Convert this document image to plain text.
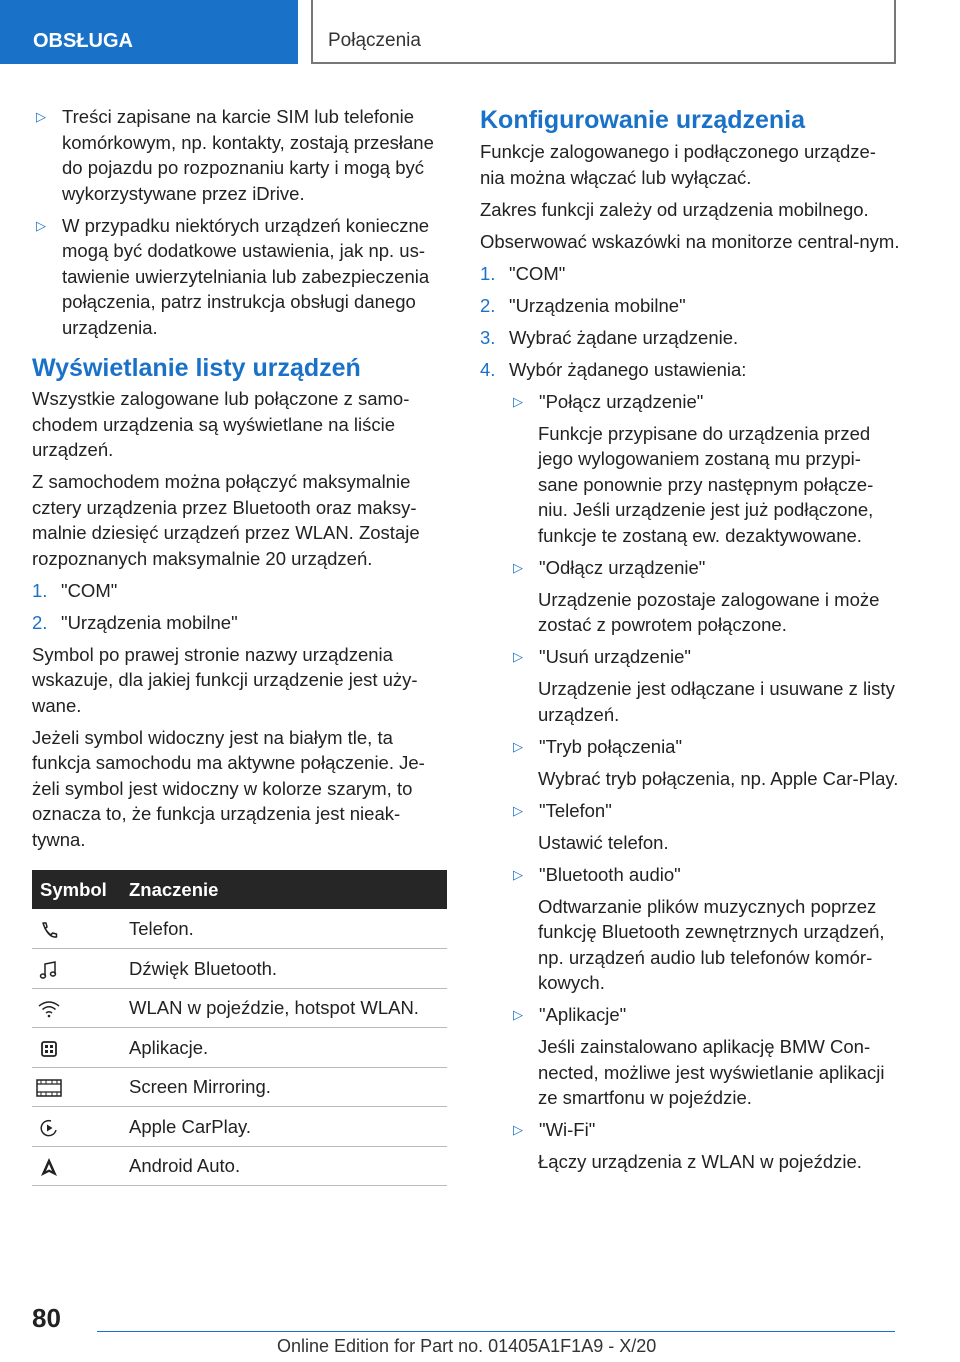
OBSŁUGA	Połączenia
▷ Treści zapisane na karcie SIM lub telefonie komórkowym, np. kontakty, zostają przesłane do pojazdu po rozpoznaniu karty i mogą być wykorzystywane przez iDrive.
▷ W przypadku niektórych urządzeń konieczne mogą być dodatkowe ustawienia, jak np. us-tawienie uwierzytelniania lub zabezpieczenia połączenia, patrz instrukcja obsługi danego urządzenia.
Wyświetlanie listy urządzeń

Wszystkie zalogowane lub połączone z samo-chodem urządzenia są wyświetlane na liście urządzeń.

Z samochodem można połączyć maksymalnie cztery urządzenia przez Bluetooth oraz maksy-malnie dziesięć urządzeń przez WLAN. Zostaje rozpoznanych maksymalnie 20 urządzeń.

1. "COM"
2. "Urządzenia mobilne"

Symbol po prawej stronie nazwy urządzenia wskazuje, dla jakiej funkcji urządzenie jest uży-wane.

Jeżeli symbol widoczny jest na białym tle, ta funkcja samochodu ma aktywne połączenie. Je-żeli symbol jest widoczny w kolorze szarym, to oznacza to, że funkcja urządzenia jest nieak-tywna.

Symbol	Znaczenie
	Telefon.
	Dźwięk Bluetooth.
	WLAN w pojeździe, hotspot WLAN.
	Aplikacje.
	Screen Mirroring.
	Apple CarPlay.
	Android Auto.
Konfigurowanie urządzenia

Funkcje zalogowanego i podłączonego urządze-nia można włączać lub wyłączać.

Zakres funkcji zależy od urządzenia mobilnego.

Obserwować wskazówki na monitorze central-nym.

1. "COM"
2. "Urządzenia mobilne"
3. Wybrać żądane urządzenie.
4. Wybór żądanego ustawienia:
▷ "Połącz urządzenie"
Funkcje przypisane do urządzenia przed jego wylogowaniem zostaną mu przypi-sane ponownie przy następnym połącze-niu. Jeśli urządzenie jest już podłączone, funkcje te zostaną ew. dezaktywowane.
▷ "Odłącz urządzenie"
Urządzenie pozostaje zalogowane i może zostać z powrotem połączone.
▷ "Usuń urządzenie"
Urządzenie jest odłączane i usuwane z listy urządzeń.
▷ "Tryb połączenia"
Wybrać tryb połączenia, np. Apple Car-Play.
▷ "Telefon"
Ustawić telefon.
▷ "Bluetooth audio"
Odtwarzanie plików muzycznych poprzez funkcję Bluetooth zewnętrznych urządzeń, np. urządzeń audio lub telefonów komór-kowych.
▷ "Aplikacje"
Jeśli zainstalowano aplikację BMW Con-nected, możliwe jest wyświetlanie aplikacji ze smartfonu w pojeździe.
▷ "Wi-Fi"
Łączy urządzenia z WLAN w pojeździe.
80
Online Edition for Part no. 01405A1F1A9 - X/20
